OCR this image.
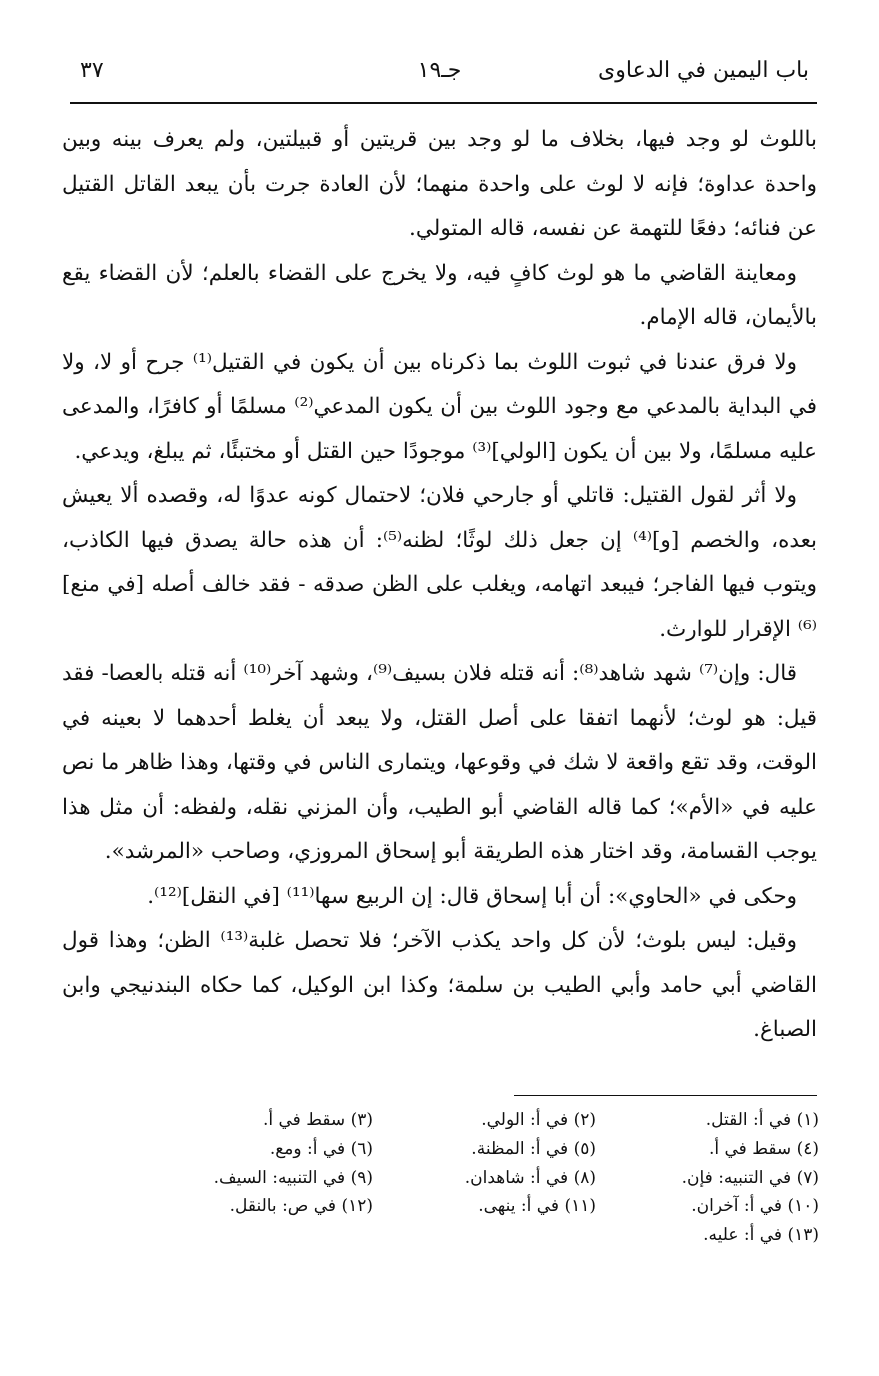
باب اليمين في الدعاوى
جـ١٩
٣٧

باللوث لو وجد فيها، بخلاف ما لو وجد بين قريتين أو قبيلتين، ولم يعرف بينه وبين واحدة عداوة؛ فإنه لا لوث على واحدة منهما؛ لأن العادة جرت بأن يبعد القاتل القتيل عن فنائه؛ دفعًا للتهمة عن نفسه، قاله المتولي.

ومعاينة القاضي ما هو لوث كافٍ فيه، ولا يخرج على القضاء بالعلم؛ لأن القضاء يقع بالأيمان، قاله الإمام.

ولا فرق عندنا في ثبوت اللوث بما ذكرناه بين أن يكون في القتيل⁽¹⁾ جرح أو لا، ولا في البداية بالمدعي مع وجود اللوث بين أن يكون المدعي⁽²⁾ مسلمًا أو كافرًا، والمدعى عليه مسلمًا، ولا بين أن يكون [الولي]⁽³⁾ موجودًا حين القتل أو مختبئًا، ثم يبلغ، ويدعي.

ولا أثر لقول القتيل: قاتلي أو جارحي فلان؛ لاحتمال كونه عدوًا له، وقصده ألا يعيش بعده، والخصم [و]⁽⁴⁾ إن جعل ذلك لوثًا؛ لظنه⁽⁵⁾: أن هذه حالة يصدق فيها الكاذب، ويتوب فيها الفاجر؛ فيبعد اتهامه، ويغلب على الظن صدقه - فقد خالف أصله [في منع]⁽⁶⁾ الإقرار للوارث.

قال: وإن⁽⁷⁾ شهد شاهد⁽⁸⁾: أنه قتله فلان بسيف⁽⁹⁾، وشهد آخر⁽¹⁰⁾ أنه قتله بالعصا- فقد قيل: هو لوث؛ لأنهما اتفقا على أصل القتل، ولا يبعد أن يغلط أحدهما لا بعينه في الوقت، وقد تقع واقعة لا شك في وقوعها، ويتمارى الناس في وقتها، وهذا ظاهر ما نص عليه في «الأم»؛ كما قاله القاضي أبو الطيب، وأن المزني نقله، ولفظه: أن مثل هذا يوجب القسامة، وقد اختار هذه الطريقة أبو إسحاق المروزي، وصاحب «المرشد».

وحكى في «الحاوي»: أن أبا إسحاق قال: إن الربيع سها⁽¹¹⁾ [في النقل]⁽¹²⁾.

وقيل: ليس بلوث؛ لأن كل واحد يكذب الآخر؛ فلا تحصل غلبة⁽¹³⁾ الظن؛ وهذا قول القاضي أبي حامد وأبي الطيب بن سلمة؛ وكذا ابن الوكيل، كما حكاه البندنيجي وابن الصباغ.

(١) في أ: القتل.
(٢) في أ: الولي.
(٣) سقط في أ.
(٤) سقط في أ.
(٥) في أ: المظنة.
(٦) في أ: ومع.
(٧) في التنبيه: فإن.
(٨) في أ: شاهدان.
(٩) في التنبيه: السيف.
(١٠) في أ: آخران.
(١١) في أ: ينهى.
(١٢) في ص: بالنقل.
(١٣) في أ: عليه.
